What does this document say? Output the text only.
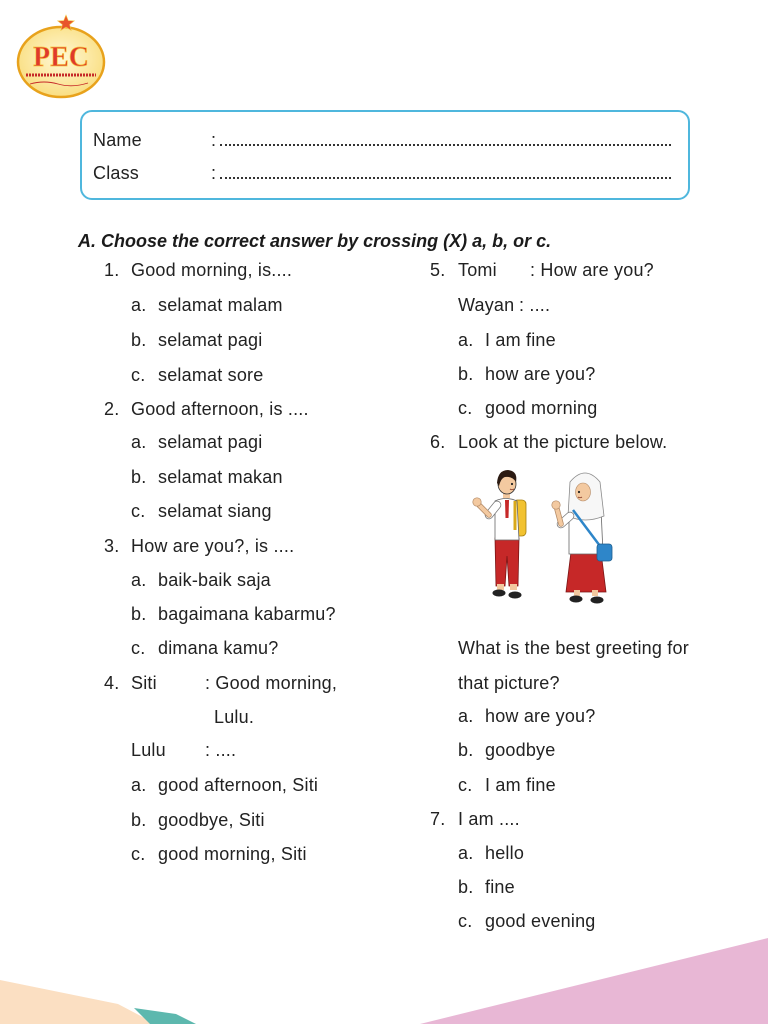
PEC
Name	:
Class	:
A. Choose the correct answer by crossing (X) a, b, or c.
1. Good morning, is....
a. selamat malam
b. selamat pagi
c. selamat sore
2. Good afternoon, is ....
a. selamat pagi
b. selamat makan
c. selamat siang
3. How are you?, is ....
a. baik-baik saja
b. bagaimana kabarmu?
c. dimana kamu?
4. Siti	: Good morning,
Lulu.
Lulu : ....
a. good afternoon, Siti
b. goodbye, Siti
c. good morning, Siti
5. Tomi : How are you?
Wayan : ....
a. I am fine
b. how are you?
c. good morning
6. Look at the picture below.
What is the best greeting for
that picture?
a. how are you?
b. goodbye
c. I am fine
7. I am ....
a. hello
b. fine
c. good evening
